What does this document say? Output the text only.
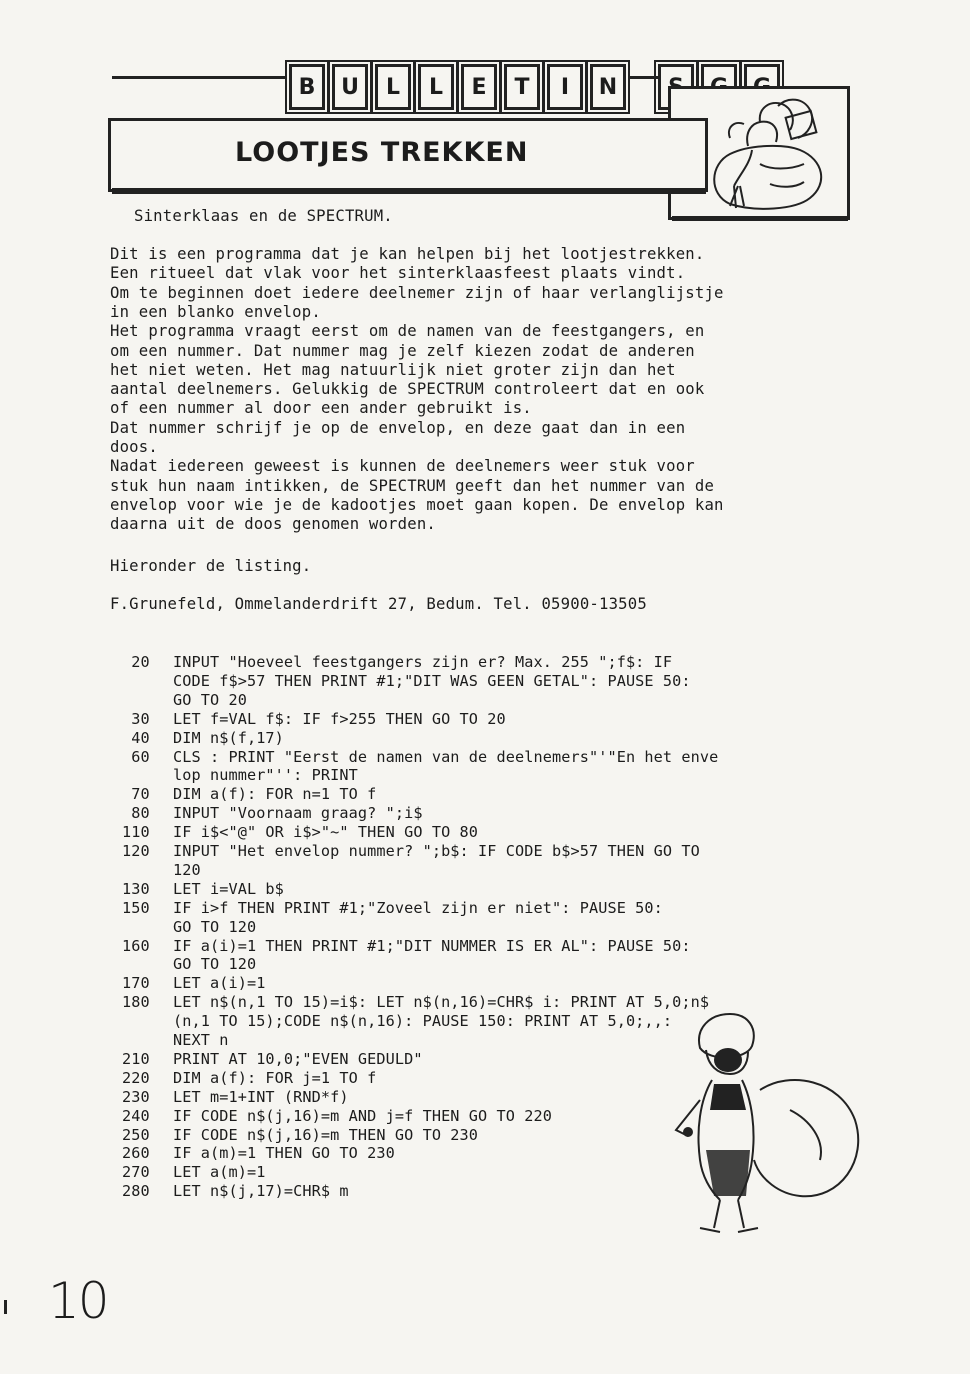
B	U	L	L	E	T	I	N
LOOTJES TREKKEN
Sinterklaas en de SPECTRUM.
Dit is een programma dat je kan helpen bij het lootjestrekken.
Een ritueel dat vlak voor het sinterklaasfeest plaats vindt.
Om te beginnen doet iedere deelnemer zijn of haar verlanglijstje
in een blanko envelop.
Het programma vraagt eerst om de namen van de feestgangers, en
om een nummer. Dat nummer mag je zelf kiezen zodat de anderen
het niet weten. Het mag natuurlijk niet groter zijn dan het
aantal deelnemers. Gelukkig de SPECTRUM controleert dat en ook
of een nummer al door een ander gebruikt is.
Dat nummer schrijf je op de envelop, en deze gaat dan in een
doos.
Nadat iedereen geweest is kunnen de deelnemers weer stuk voor
stuk hun naam intikken, de SPECTRUM geeft dan het nummer van de
envelop voor wie je de kadootjes moet gaan kopen. De envelop kan
daarna uit de doos genomen worden.
Hieronder de listing.
F.Grunefeld, Ommelanderdrift 27, Bedum. Tel. 05900-13505
20 INPUT "Hoeveel feestgangers zijn er? Max. 255 ";f$: IF
CODE f$>57 THEN PRINT #1;"DIT WAS GEEN GETAL": PAUSE 50:
GO TO 20
30 LET f=VAL f$: IF f>255 THEN GO TO 20
40 DIM n$(f,17)
60 CLS : PRINT "Eerst de namen van de deelnemers"'"En het enve
lop nummer"'': PRINT
70 DIM a(f): FOR n=1 TO f
80 INPUT "Voornaam graag? ";i$
110 IF i$<"@" OR i$>"~" THEN GO TO 80
120 INPUT "Het envelop nummer? ";b$: IF CODE b$>57 THEN GO TO
120
130 LET i=VAL b$
150 IF i>f THEN PRINT #1;"Zoveel zijn er niet": PAUSE 50:
GO TO 120
160 IF a(i)=1 THEN PRINT #1;"DIT NUMMER IS ER AL": PAUSE 50:
GO TO 120
170 LET a(i)=1
180 LET n$(n,1 TO 15)=i$: LET n$(n,16)=CHR$ i: PRINT AT 5,0;n$
(n,1 TO 15);CODE n$(n,16): PAUSE 150: PRINT AT 5,0;,,:
NEXT n
210 PRINT AT 10,0;"EVEN GEDULD"
220 DIM a(f): FOR j=1 TO f
230 LET m=1+INT (RND*f)
240 IF CODE n$(j,16)=m AND j=f THEN GO TO 220
250 IF CODE n$(j,16)=m THEN GO TO 230
260 IF a(m)=1 THEN GO TO 230
270 LET a(m)=1
280 LET n$(j,17)=CHR$ m
10
